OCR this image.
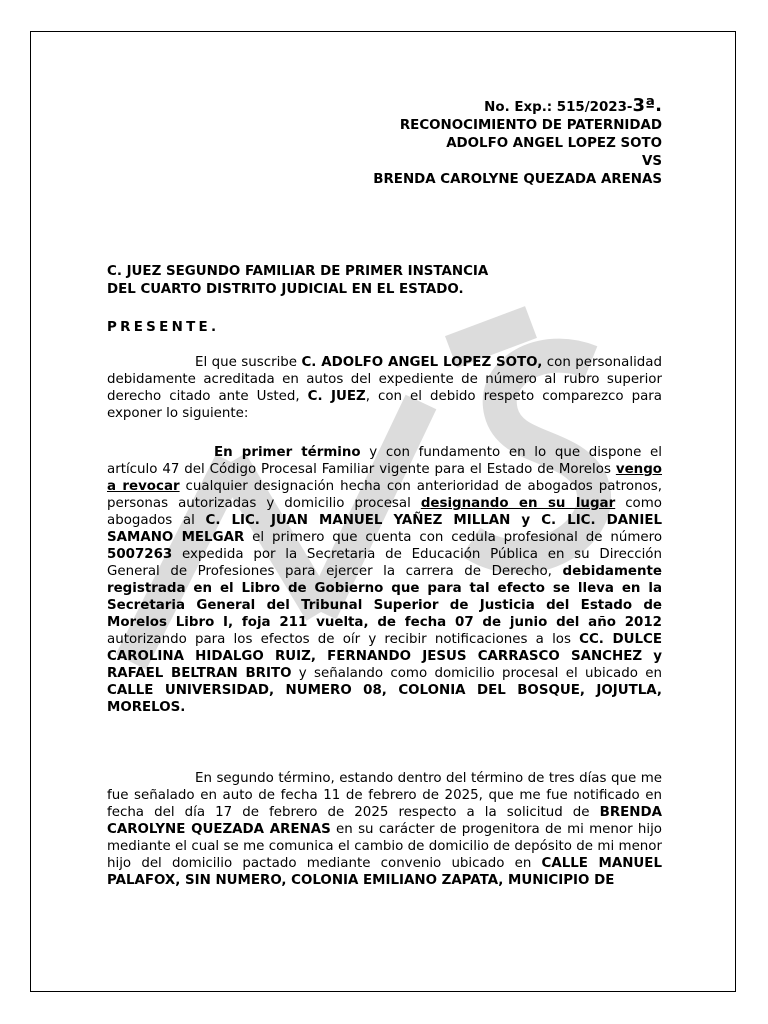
No. Exp.: 515/2023-3ª.
RECONOCIMIENTO DE PATERNIDAD
ADOLFO ANGEL LOPEZ SOTO
VS
BRENDA CAROLYNE QUEZADA ARENAS
C. JUEZ SEGUNDO FAMILIAR DE PRIMER INSTANCIA
DEL CUARTO DISTRITO JUDICIAL EN EL ESTADO.
PRESENTE.

El que suscribe C. ADOLFO ANGEL LOPEZ SOTO, con personalidad debidamente acreditada en autos del expediente de número al rubro superior derecho citado ante Usted, C. JUEZ, con el debido respeto comparezco para exponer lo siguiente:

En primer término y con fundamento en lo que dispone el artículo 47 del Código Procesal Familiar vigente para el Estado de Morelos vengo a revocar cualquier designación hecha con anterioridad de abogados patronos, personas autorizadas y domicilio procesal designando en su lugar como abogados al C. LIC. JUAN MANUEL YAÑEZ MILLAN y C. LIC. DANIEL SAMANO MELGAR el primero que cuenta con cedula profesional de número 5007263 expedida por la Secretaria de Educación Pública en su Dirección General de Profesiones para ejercer la carrera de Derecho, debidamente registrada en el Libro de Gobierno que para tal efecto se lleva en la Secretaria General del Tribunal Superior de Justicia del Estado de Morelos Libro I, foja 211 vuelta, de fecha 07 de junio del año 2012 autorizando para los efectos de oír y recibir notificaciones a los CC. DULCE CAROLINA HIDALGO RUIZ, FERNANDO JESUS CARRASCO SANCHEZ y RAFAEL BELTRAN BRITO y señalando como domicilio procesal el ubicado en CALLE UNIVERSIDAD, NUMERO 08, COLONIA DEL BOSQUE, JOJUTLA, MORELOS.

En segundo término, estando dentro del término de tres días que me fue señalado en auto de fecha 11 de febrero de 2025, que me fue notificado en fecha del día 17 de febrero de 2025 respecto a la solicitud de BRENDA CAROLYNE QUEZADA ARENAS en su carácter de progenitora de mi menor hijo mediante el cual se me comunica el cambio de domicilio de depósito de mi menor hijo del domicilio pactado mediante convenio ubicado en CALLE MANUEL PALAFOX, SIN NUMERO, COLONIA EMILIANO ZAPATA, MUNICIPIO DE
